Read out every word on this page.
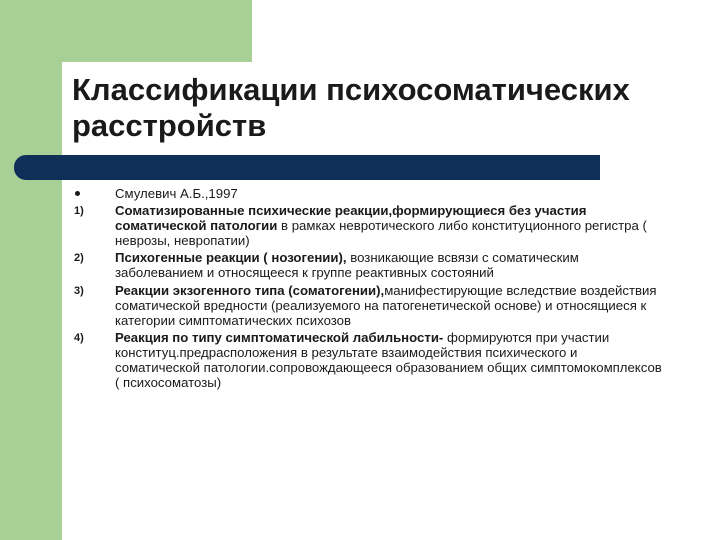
Классификации психосоматических расстройств
Смулевич А.Б.,1997
1)	Соматизированные психические реакции,формирующиеся без участия соматической патологии в рамках невротического либо конституционного регистра ( неврозы, невропатии)
2)	Психогенные реакции ( нозогении), возникающие всвязи с соматическим заболеванием и относящееся к группе реактивных состояний
3)	Реакции экзогенного типа (соматогении),манифестирующие вследствие воздействия соматической вредности (реализуемого на патогенетической основе) и относящиеся к категории симптоматических психозов
4)	Реакция по типу симптоматической лабильности- формируются при участии конституц.предрасположения в результате взаимодействия психического и соматической патологии.сопровождающееся образованием общих симптомокомплексов ( психосоматозы)
